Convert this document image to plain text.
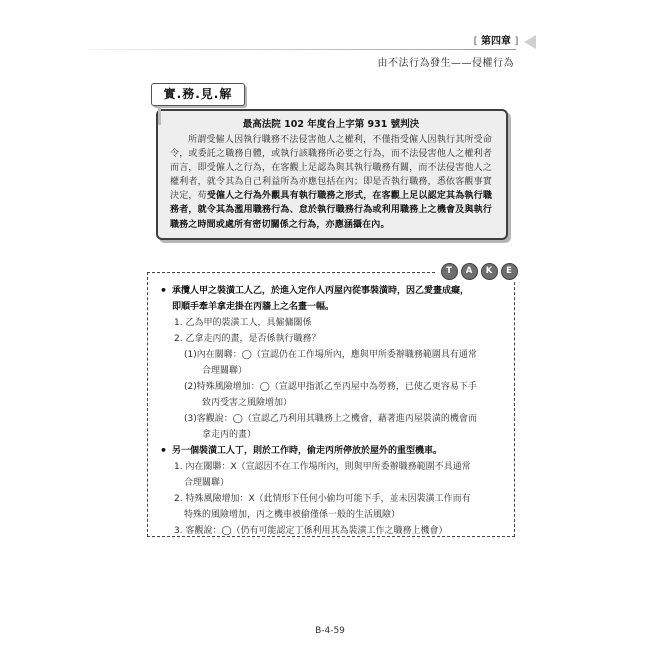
[ 第四章 ]
由不法行為發生——侵權行為
實.務.見.解
最高法院 102 年度台上字第 931 號判決
所謂受僱人因執行職務不法侵害他人之權利，不僅指受僱人因執行其所受命令，或委託之職務自體，或執行該職務所必要之行為，而不法侵害他人之權利者而言，即受僱人之行為，在客觀上足認為與其執行職務有關，而不法侵害他人之權利者，就令其為自己利益所為亦應包括在內；即是否執行職務，悉依客觀事實決定，苟受僱人之行為外觀具有執行職務之形式，在客觀上足以認定其為執行職務者，就令其為濫用職務行為、怠於執行職務行為或利用職務上之機會及與執行職務之時間或處所有密切關係之行為，亦應涵攝在內。
T	A	K	E
• 承攬人甲之裝潢工人乙，於進入定作人丙屋內從事裝潢時，因乙愛畫成癡，
即順手牽羊拿走掛在丙牆上之名畫一幅。
1. 乙為甲的裝潢工人，具僱傭關係
2. 乙拿走丙的畫，是否係執行職務？
(1)內在關聯：◯（宣認仍在工作場所內，應與甲所委辦職務範圍具有通常
合理關聯）
(2)特殊風險增加：◯（宣認甲指派乙至丙屋中為勞務，已使乙更容易下手
致丙受害之風險增加）
(3)客觀說：◯（宣認乙乃利用其職務上之機會，藉著進丙屋裝潢的機會而
拿走丙的畫）
• 另一個裝潢工人丁，則於工作時，偷走丙所停放於屋外的重型機車。
1. 內在關聯：X（宣認因不在工作場所內，則與甲所委辦職務範圍不具通常
合理關聯）
2. 特殊風險增加：X（此情形下任何小偷均可能下手，並未因裝潢工作而有
特殊的風險增加，丙之機車被偷僅係一般的生活風險）
3. 客觀說：◯（仍有可能認定丁係利用其為裝潢工作之職務上機會）
B-4-59
